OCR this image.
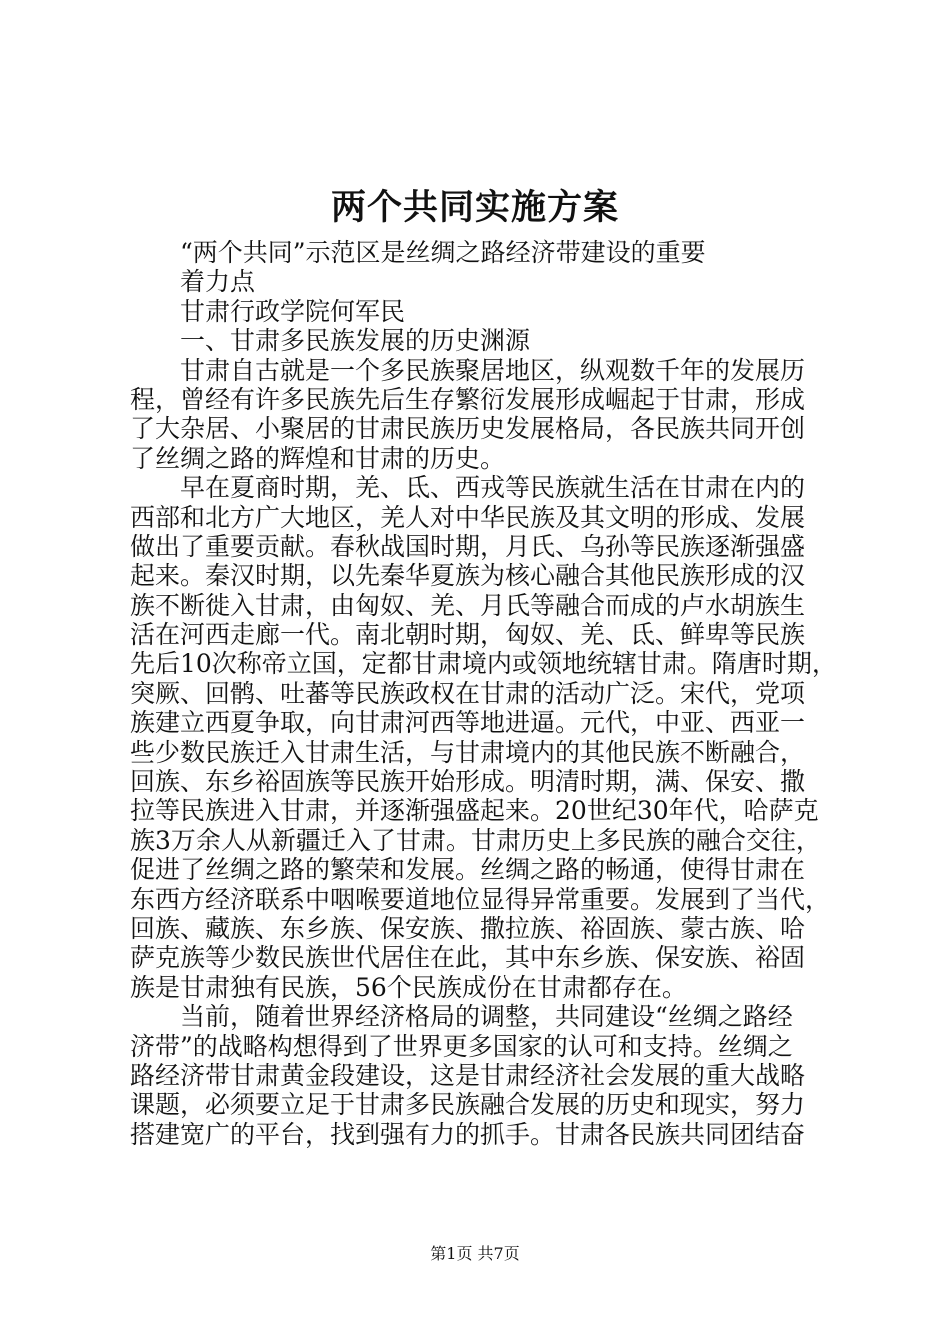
两个共同实施方案
“两个共同”示范区是丝绸之路经济带建设的重要
着力点
甘肃行政学院何军民
一、甘肃多民族发展的历史渊源
甘肃自古就是一个多民族聚居地区，纵观数千年的发展历
程，曾经有许多民族先后生存繁衍发展形成崛起于甘肃，形成
了大杂居、小聚居的甘肃民族历史发展格局，各民族共同开创
了丝绸之路的辉煌和甘肃的历史。
早在夏商时期，羌、氐、西戎等民族就生活在甘肃在内的
西部和北方广大地区，羌人对中华民族及其文明的形成、发展
做出了重要贡献。春秋战国时期，月氏、乌孙等民族逐渐强盛
起来。秦汉时期，以先秦华夏族为核心融合其他民族形成的汉
族不断徙入甘肃，由匈奴、羌、月氏等融合而成的卢水胡族生
活在河西走廊一代。南北朝时期，匈奴、羌、氐、鲜卑等民族
先后10次称帝立国，定都甘肃境内或领地统辖甘肃。隋唐时期，
突厥、回鹘、吐蕃等民族政权在甘肃的活动广泛。宋代，党项
族建立西夏争取，向甘肃河西等地进逼。元代，中亚、西亚一
些少数民族迁入甘肃生活，与甘肃境内的其他民族不断融合，
回族、东乡裕固族等民族开始形成。明清时期，满、保安、撒
拉等民族进入甘肃，并逐渐强盛起来。20世纪30年代，哈萨克
族3万余人从新疆迁入了甘肃。甘肃历史上多民族的融合交往，
促进了丝绸之路的繁荣和发展。丝绸之路的畅通，使得甘肃在
东西方经济联系中咽喉要道地位显得异常重要。发展到了当代，
回族、藏族、东乡族、保安族、撒拉族、裕固族、蒙古族、哈
萨克族等少数民族世代居住在此，其中东乡族、保安族、裕固
族是甘肃独有民族，56个民族成份在甘肃都存在。
当前，随着世界经济格局的调整，共同建设“丝绸之路经
济带”的战略构想得到了世界更多国家的认可和支持。丝绸之
路经济带甘肃黄金段建设，这是甘肃经济社会发展的重大战略
课题，必须要立足于甘肃多民族融合发展的历史和现实，努力
搭建宽广的平台，找到强有力的抓手。甘肃各民族共同团结奋
第1页 共7页
